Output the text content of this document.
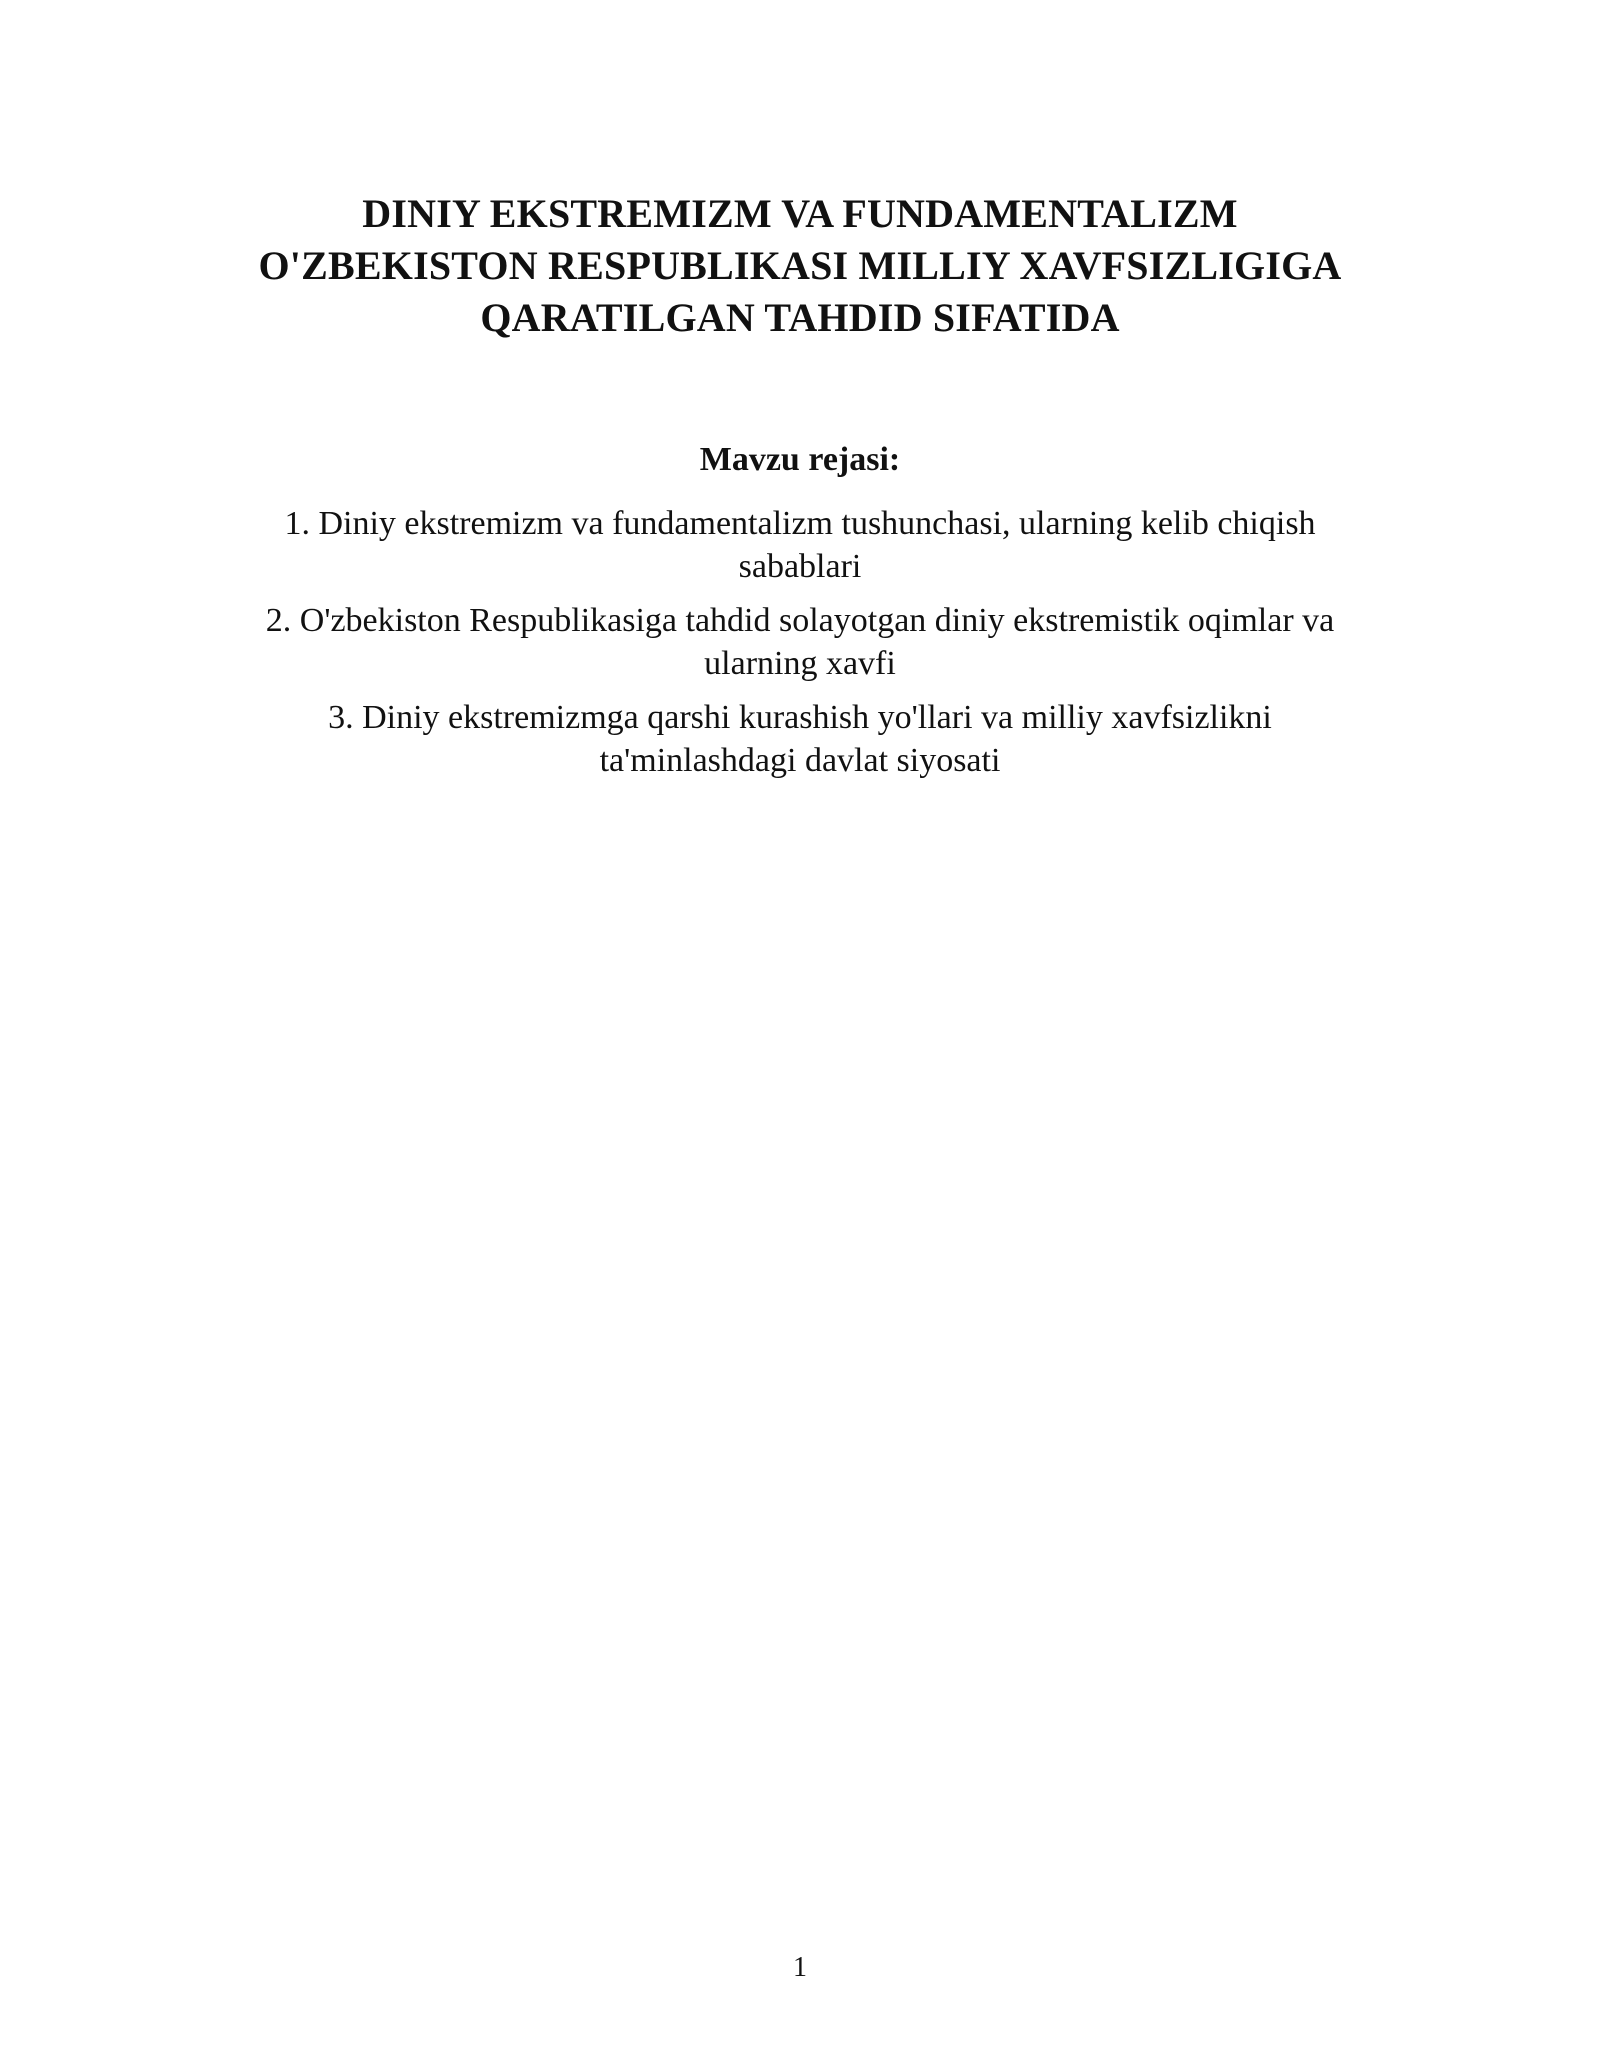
DINIY EKSTREMIZM VA FUNDAMENTALIZM
O'ZBEKISTON RESPUBLIKASI MILLIY XAVFSIZLIGIGA
QARATILGAN TAHDID SIFATIDA
Mavzu rejasi:
1. Diniy ekstremizm va fundamentalizm tushunchasi, ularning kelib chiqish
sabablari
2. O'zbekiston Respublikasiga tahdid solayotgan diniy ekstremistik oqimlar va
ularning xavfi
3. Diniy ekstremizmga qarshi kurashish yo'llari va milliy xavfsizlikni
ta'minlashdagi davlat siyosati
1
